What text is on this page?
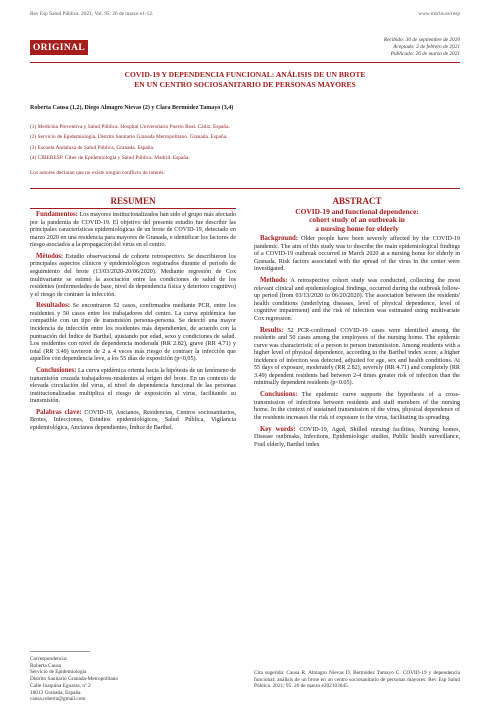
Rev Esp Salud Pública. 2021; Vol. 95: 26 de marzo e1-12.	www.mscbs.es/resp
ORIGINAL
Recibido: 30 de septiembre de 2020
Aceptado: 2 de febrero de 2021
Publicado: 26 de marzo de 2021
COVID-19 Y DEPENDENCIA FUNCIONAL: ANÁLISIS DE UN BROTE
EN UN CENTRO SOCIOSANITARIO DE PERSONAS MAYORES
Roberta Causa (1,2), Diego Almagro Nievas (2) y Clara Bermúdez Tamayo (3,4)
(1) Medicina Preventiva y Salud Pública. Hospital Universitario Puerto Real. Cádiz. España.
(2) Servicio de Epidemiología. Distrito Sanitario Granada Metropolitano. Granada. España.
(3) Escuela Andaluza de Salud Pública. Granada. España.
(4) CIBERESP. Ciber de Epidemiología y Salud Pública. Madrid. España.
Los autores declaran que no existe ningún conflicto de interés.
RESUMEN

Fundamentos: Los mayores institucionalizados han sido el grupo más afectado por la pandemia de COVID-19. El objetivo del presente estudio fue describir las principales características epidemiológicas de un brote de COVID-19, detectado en marzo 2020 en una residencia para mayores de Granada, e identificar los factores de riesgo asociados a la propagación del virus en el centro.

Métodos: Estudio observacional de cohorte retrospectivo. Se describieron los principales aspectos clínicos y epidemiológicos registrados durante el periodo de seguimiento del brote (13/03/2020-20/06/2020). Mediante regresión de Cox multivariante se estimó la asociación entre las condiciones de salud de los residentes (enfermedades de base, nivel de dependencia física y deterioro cognitivo) y el riesgo de contraer la infección.

Resultados: Se encontraron 52 casos, confirmados mediante PCR, entre los residentes y 50 casos entre los trabajadores del centro. La curva epidémica fue compatible con un tipo de transmisión persona-persona. Se detectó una mayor incidencia de infección entre los residentes más dependientes, de acuerdo con la puntuación del Índice de Barthel, ajustando por edad, sexo y condiciones de salud. Los residentes con nivel de dependencia moderada (RR 2.82), grave (RR 4.71) y total (RR 3.49) tuvieron de 2 a 4 veces más riesgo de contraer la infección que aquellos con dependencia leve, a los 55 días de exposición (p<0,05).

Conclusiones: La curva epidémica orienta hacia la hipótesis de un fenómeno de transmisión cruzada trabajadores-residentes al origen del brote. En un contexto de elevada circulación del virus, el nivel de dependencia funcional de las personas institucionalizadas multiplica el riesgo de exposición al virus, facilitando su transmisión.

Palabras clave: COVID-19, Ancianos, Residencias, Centros sociosanitarios, Brotes, Infecciones, Estudios epidemiológicos, Salud Pública, Vigilancia epidemiológica, Ancianos dependientes, Índice de Barthel.

ABSTRACT
COVID-19 and functional dependence:
cohort study of an outbreak in
a nursing home for elderly

Background: Older people have been severely affected by the COVID-19 pandemic. The aim of this study was to describe the main epidemiological findings of a COVID-19 outbreak occurred in March 2020 at a nursing home for elderly in Granada. Risk factors associated with the spread of the virus in the center were investigated.

Methods: A retrospective cohort study was conducted, collecting the most relevant clinical and epidemiological findings, occurred during the outbreak follow-up period (from 03/13/2020 to 06/20/2020). The association between the residents' health conditions (underlying diseases, level of physical dependence, level of cognitive impairment) and the risk of infection was estimated using multivariate Cox regression.

Results: 52 PCR-confirmed COVID-19 cases were identified among the residents and 50 cases among the employees of the nursing home. The epidemic curve was characteristic of a person to person transmission. Among residents with a higher level of physical dependence, according to the Barthel index score, a higher incidence of infection was detected, adjusted for age, sex and health conditions. At 55 days of exposure, moderately (RR 2.82), severely (RR 4.71) and completely (RR 3.49) dependent residents had between 2-4 times greater risk of infection than the minimally dependent residents (p<0.05).

Conclusions: The epidemic curve supports the hypothesis of a cross-transmission of infections between residents and staff members of the nursing home. In the context of sustained transmission of the virus, physical dependence of the residents increases the risk of exposure to the virus, facilitating its spreading.

Key words: COVID-19, Aged, Skilled nursing facilities, Nursing homes, Disease outbreaks, Infections, Epidemiologic studies, Public health surveillance, Frail elderly, Barthel index

Correspondencia:
Roberta Causa
Servicio de Epidemiología
Distrito Sanitario Granada-Metropolitano
Calle Joaquina Eguaras, nº 2
18013 Granada, España
causa.roberta@gmail.com
Cita sugerida: Causa R, Almagro Nievas D, Bermúdez Tamayo C. COVID-19 y dependencia funcional: análisis de un brote en un centro sociosanitario de personas mayores. Rev Esp Salud Pública. 2021; 95: 26 de marzo e202103045.
